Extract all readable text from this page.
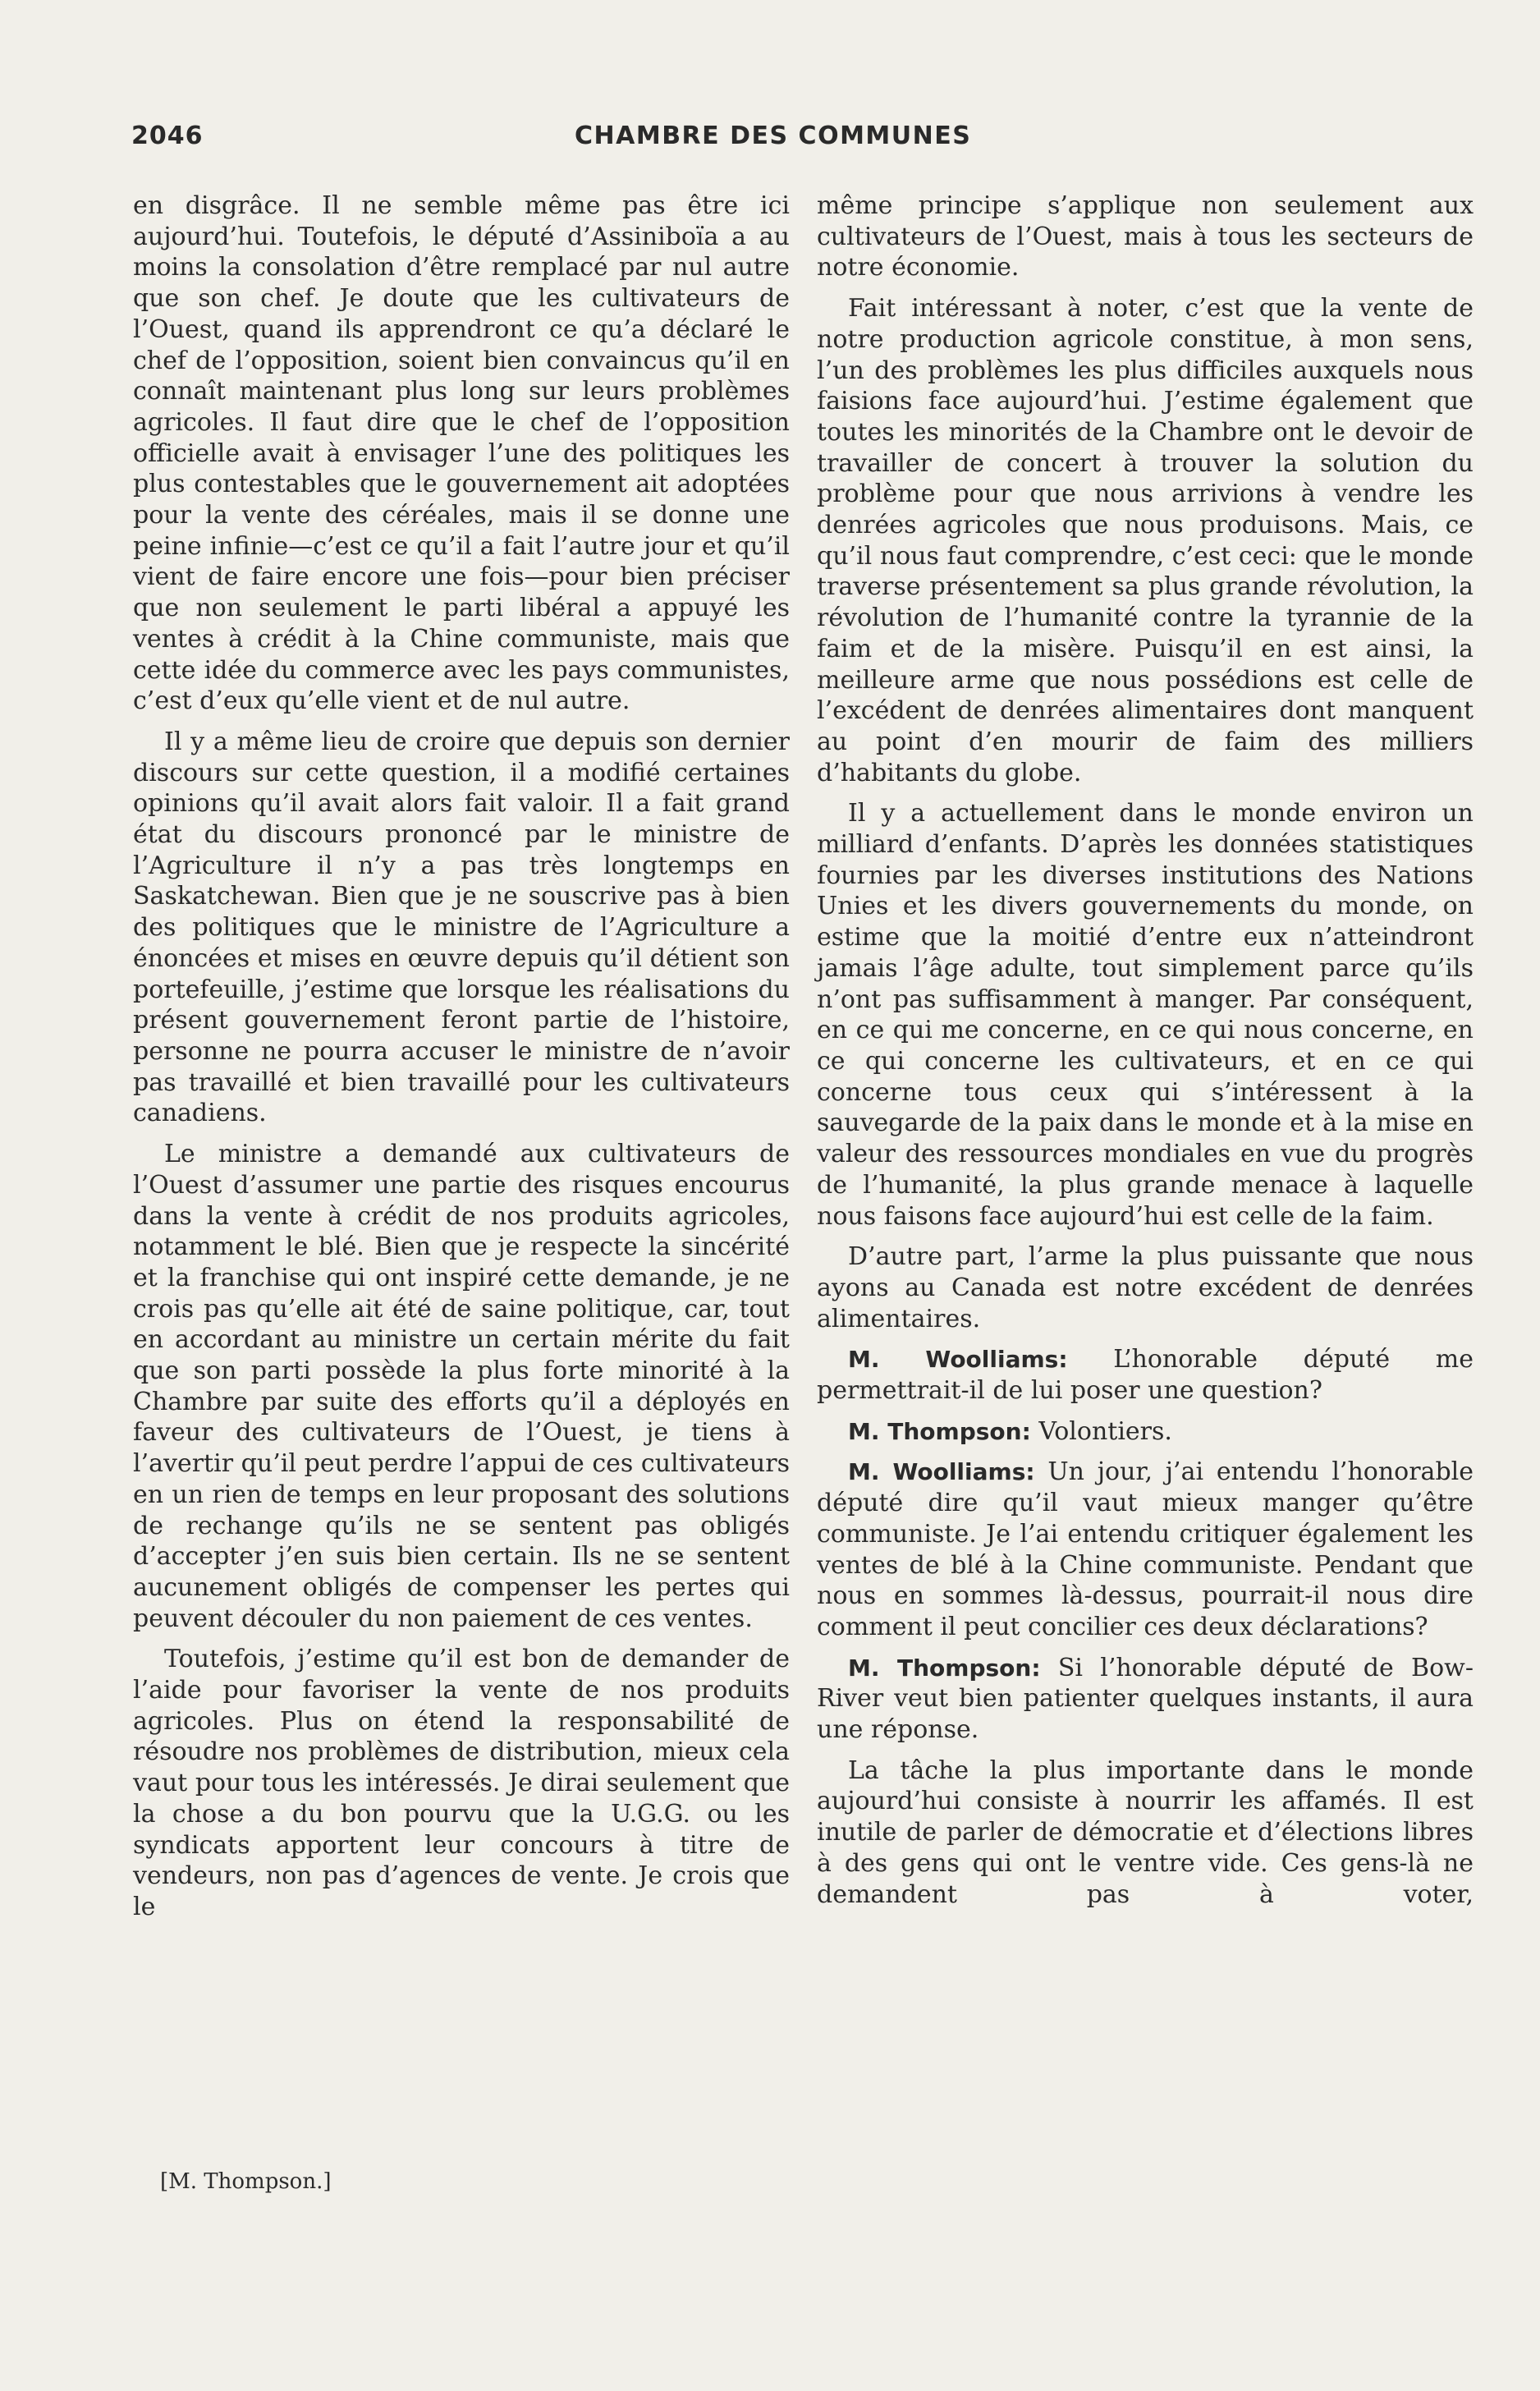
2046	CHAMBRE DES COMMUNES

en disgrâce. Il ne semble même pas être ici aujourd’hui. Toutefois, le député d’Assiniboïa a au moins la consolation d’être remplacé par nul autre que son chef. Je doute que les cultivateurs de l’Ouest, quand ils apprendront ce qu’a déclaré le chef de l’opposition, soient bien convaincus qu’il en connaît maintenant plus long sur leurs problèmes agricoles. Il faut dire que le chef de l’opposition officielle avait à envisager l’une des politiques les plus contestables que le gouvernement ait adoptées pour la vente des céréales, mais il se donne une peine infinie—c’est ce qu’il a fait l’autre jour et qu’il vient de faire encore une fois—pour bien préciser que non seulement le parti libéral a appuyé les ventes à crédit à la Chine communiste, mais que cette idée du commerce avec les pays communistes, c’est d’eux qu’elle vient et de nul autre.

Il y a même lieu de croire que depuis son dernier discours sur cette question, il a modifié certaines opinions qu’il avait alors fait valoir. Il a fait grand état du discours prononcé par le ministre de l’Agriculture il n’y a pas très longtemps en Saskatchewan. Bien que je ne souscrive pas à bien des politiques que le ministre de l’Agriculture a énoncées et mises en œuvre depuis qu’il détient son portefeuille, j’estime que lorsque les réalisations du présent gouvernement feront partie de l’histoire, personne ne pourra accuser le ministre de n’avoir pas travaillé et bien travaillé pour les cultivateurs canadiens.

Le ministre a demandé aux cultivateurs de l’Ouest d’assumer une partie des risques encourus dans la vente à crédit de nos produits agricoles, notamment le blé. Bien que je respecte la sincérité et la franchise qui ont inspiré cette demande, je ne crois pas qu’elle ait été de saine politique, car, tout en accordant au ministre un certain mérite du fait que son parti possède la plus forte minorité à la Chambre par suite des efforts qu’il a déployés en faveur des cultivateurs de l’Ouest, je tiens à l’avertir qu’il peut perdre l’appui de ces cultivateurs en un rien de temps en leur proposant des solutions de rechange qu’ils ne se sentent pas obligés d’accepter j’en suis bien certain. Ils ne se sentent aucunement obligés de compenser les pertes qui peuvent découler du non paiement de ces ventes.

Toutefois, j’estime qu’il est bon de demander de l’aide pour favoriser la vente de nos produits agricoles. Plus on étend la responsabilité de résoudre nos problèmes de distribution, mieux cela vaut pour tous les intéressés. Je dirai seulement que la chose a du bon pourvu que la U.G.G. ou les syndicats apportent leur concours à titre de vendeurs, non pas d’agences de vente. Je crois que le

[M. Thompson.]

même principe s’applique non seulement aux cultivateurs de l’Ouest, mais à tous les secteurs de notre économie.

Fait intéressant à noter, c’est que la vente de notre production agricole constitue, à mon sens, l’un des problèmes les plus difficiles auxquels nous faisions face aujourd’hui. J’estime également que toutes les minorités de la Chambre ont le devoir de travailler de concert à trouver la solution du problème pour que nous arrivions à vendre les denrées agricoles que nous produisons. Mais, ce qu’il nous faut comprendre, c’est ceci: que le monde traverse présentement sa plus grande révolution, la révolution de l’humanité contre la tyrannie de la faim et de la misère. Puisqu’il en est ainsi, la meilleure arme que nous possédions est celle de l’excédent de denrées alimentaires dont manquent au point d’en mourir de faim des milliers d’habitants du globe.

Il y a actuellement dans le monde environ un milliard d’enfants. D’après les données statistiques fournies par les diverses institutions des Nations Unies et les divers gouvernements du monde, on estime que la moitié d’entre eux n’atteindront jamais l’âge adulte, tout simplement parce qu’ils n’ont pas suffisamment à manger. Par conséquent, en ce qui me concerne, en ce qui nous concerne, en ce qui concerne les cultivateurs, et en ce qui concerne tous ceux qui s’intéressent à la sauvegarde de la paix dans le monde et à la mise en valeur des ressources mondiales en vue du progrès de l’humanité, la plus grande menace à laquelle nous faisons face aujourd’hui est celle de la faim.

D’autre part, l’arme la plus puissante que nous ayons au Canada est notre excédent de denrées alimentaires.

M. Woolliams: L’honorable député me permettrait-il de lui poser une question?

M. Thompson: Volontiers.

M. Woolliams: Un jour, j’ai entendu l’honorable député dire qu’il vaut mieux manger qu’être communiste. Je l’ai entendu critiquer également les ventes de blé à la Chine communiste. Pendant que nous en sommes là-dessus, pourrait-il nous dire comment il peut concilier ces deux déclarations?

M. Thompson: Si l’honorable député de Bow-River veut bien patienter quelques instants, il aura une réponse.

La tâche la plus importante dans le monde aujourd’hui consiste à nourrir les affamés. Il est inutile de parler de démocratie et d’élections libres à des gens qui ont le ventre vide. Ces gens-là ne demandent pas à voter,
